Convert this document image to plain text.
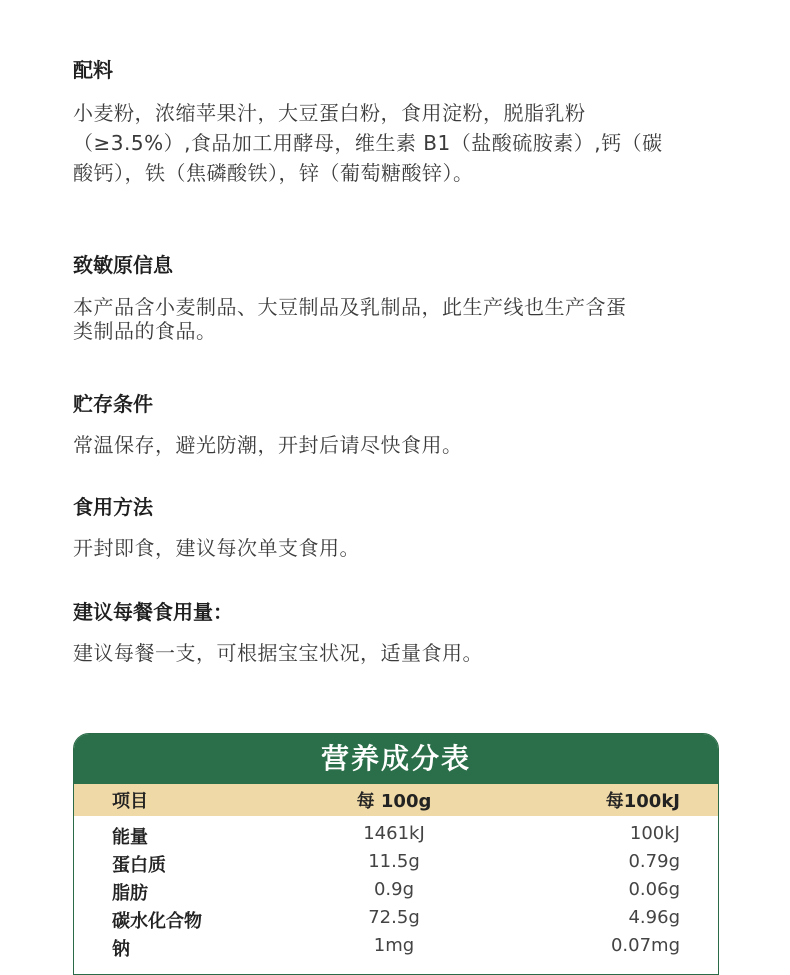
配料

小麦粉，浓缩苹果汁，大豆蛋白粉，食用淀粉，脱脂乳粉
（≥3.5%）,食品加工用酵母，维生素 B1（盐酸硫胺素）,钙（碳
酸钙），铁（焦磷酸铁），锌（葡萄糖酸锌）。

致敏原信息

本产品含小麦制品、大豆制品及乳制品，此生产线也生产含蛋
类制品的食品。

贮存条件

常温保存，避光防潮，开封后请尽快食用。

食用方法

开封即食，建议每次单支食用。

建议每餐食用量：

建议每餐一支，可根据宝宝状况，适量食用。

营养成分表
项目	每 100g	每100kJ
能量	1461kJ	100kJ
蛋白质	11.5g	0.79g
脂肪	0.9g	0.06g
碳水化合物	72.5g	4.96g
钠	1mg	0.07mg
